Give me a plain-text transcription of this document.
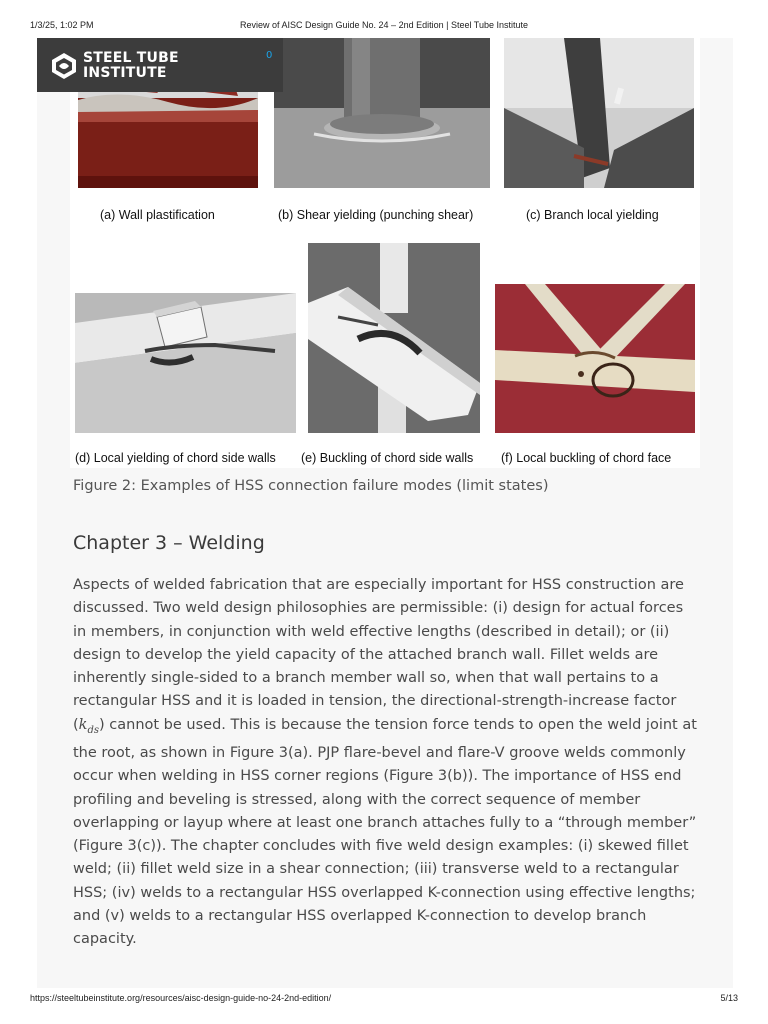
1/3/25, 1:02 PM	Review of AISC Design Guide No. 24 – 2nd Edition | Steel Tube Institute
(a) Wall plastification	(b) Shear yielding (punching shear)	(c) Branch local yielding
(d) Local yielding of chord side walls (e) Buckling of chord side walls (f) Local buckling of chord face
STEEL TUBE
INSTITUTE
0
Figure 2: Examples of HSS connection failure modes (limit states)
Chapter 3 – Welding

Aspects of welded fabrication that are especially important for HSS construction are discussed. Two weld design philosophies are permissible: (i) design for actual forces in members, in conjunction with weld effective lengths (described in detail); or (ii) design to develop the yield capacity of the attached branch wall. Fillet welds are inherently single-sided to a branch member wall so, when that wall pertains to a rectangular HSS and it is loaded in tension, the directional-strength-increase factor $(k_{ds})$ cannot be used. This is because the tension force tends to open the weld joint at the root, as shown in Figure 3(a). PJP flare-bevel and flare-V groove welds commonly occur when welding in HSS corner regions (Figure 3(b)). The importance of HSS end profiling and beveling is stressed, along with the correct sequence of member overlapping or layup where at least one branch attaches fully to a “through member” (Figure 3(c)). The chapter concludes with five weld design examples: (i) skewed fillet weld; (ii) fillet weld size in a shear connection; (iii) transverse weld to a rectangular HSS; (iv) welds to a rectangular HSS overlapped K-connection using effective lengths; and (v) welds to a rectangular HSS overlapped K-connection to develop branch capacity.

https://steeltubeinstitute.org/resources/aisc-design-guide-no-24-2nd-edition/	5/13
